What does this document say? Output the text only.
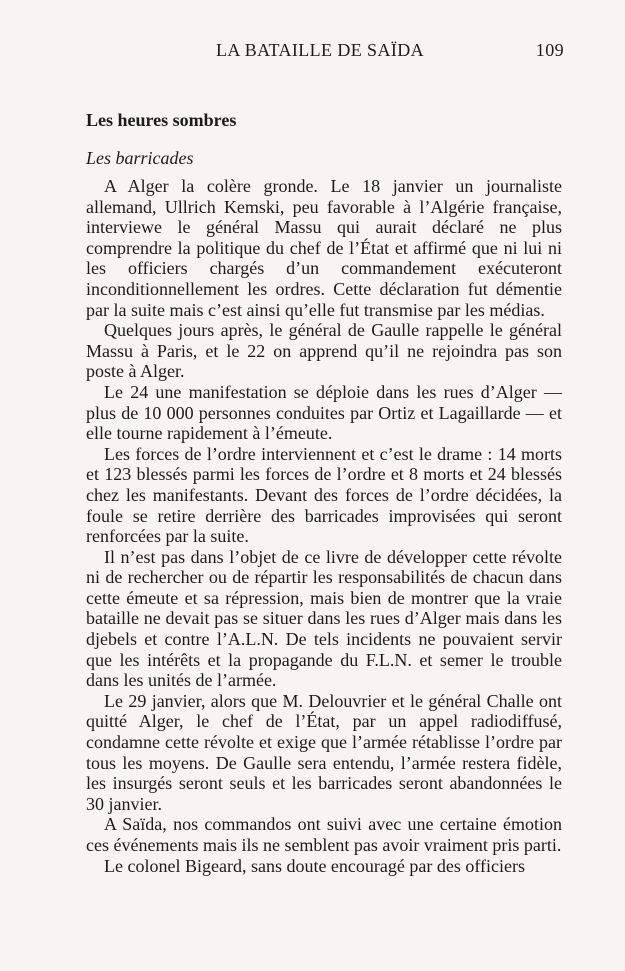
LA BATAILLE DE SAÏDA	109
Les heures sombres
Les barricades

A Alger la colère gronde. Le 18 janvier un journaliste allemand, Ullrich Kemski, peu favorable à l’Algérie française, interviewe le général Massu qui aurait déclaré ne plus comprendre la politique du chef de l’État et affirmé que ni lui ni les officiers chargés d’un commandement exécuteront inconditionnellement les ordres. Cette déclaration fut démentie par la suite mais c’est ainsi qu’elle fut transmise par les médias.

Quelques jours après, le général de Gaulle rappelle le général Massu à Paris, et le 22 on apprend qu’il ne rejoindra pas son poste à Alger.

Le 24 une manifestation se déploie dans les rues d’Alger — plus de 10 000 personnes conduites par Ortiz et Lagaillarde — et elle tourne rapidement à l’émeute.

Les forces de l’ordre interviennent et c’est le drame : 14 morts et 123 blessés parmi les forces de l’ordre et 8 morts et 24 blessés chez les manifestants. Devant des forces de l’ordre décidées, la foule se retire derrière des barricades improvisées qui seront renforcées par la suite.

Il n’est pas dans l’objet de ce livre de développer cette révolte ni de rechercher ou de répartir les responsabilités de chacun dans cette émeute et sa répression, mais bien de montrer que la vraie bataille ne devait pas se situer dans les rues d’Alger mais dans les djebels et contre l’A.L.N. De tels incidents ne pouvaient servir que les intérêts et la propagande du F.L.N. et semer le trouble dans les unités de l’armée.

Le 29 janvier, alors que M. Delouvrier et le général Challe ont quitté Alger, le chef de l’État, par un appel radiodiffusé, condamne cette révolte et exige que l’armée rétablisse l’ordre par tous les moyens. De Gaulle sera entendu, l’armée restera fidèle, les insurgés seront seuls et les barricades seront abandonnées le 30 janvier.

A Saïda, nos commandos ont suivi avec une certaine émotion ces événements mais ils ne semblent pas avoir vraiment pris parti.

Le colonel Bigeard, sans doute encouragé par des officiers
